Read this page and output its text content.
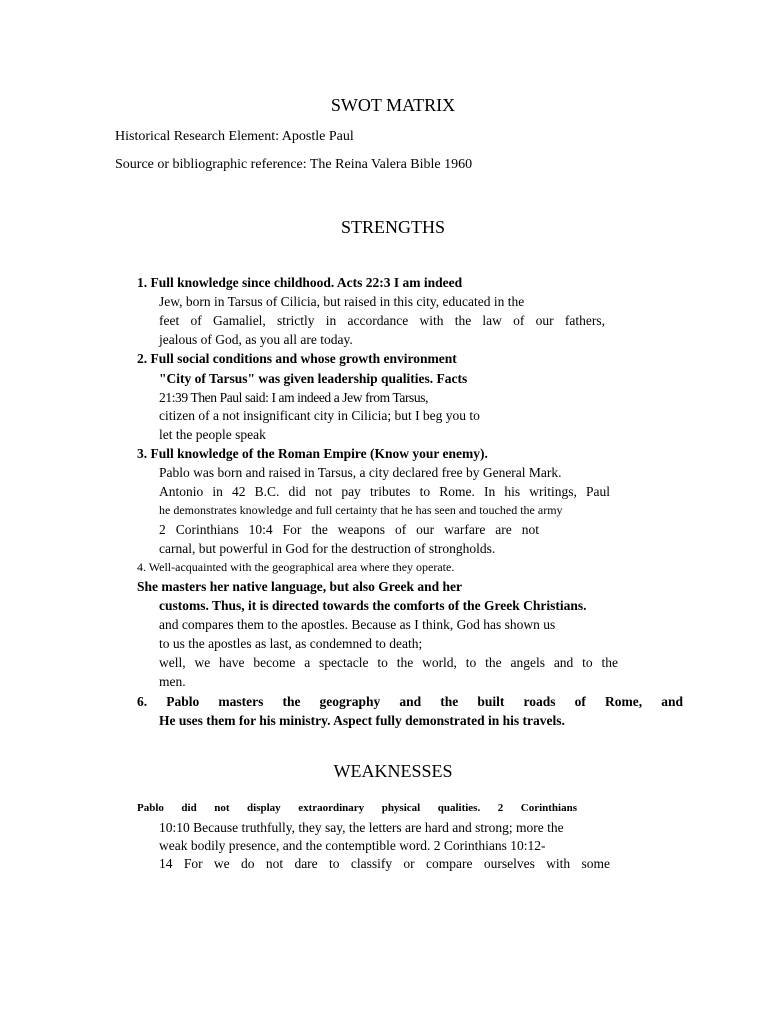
SWOT MATRIX
Historical Research Element: Apostle Paul
Source or bibliographic reference: The Reina Valera Bible 1960
STRENGTHS
1. Full knowledge since childhood. Acts 22:3 I am indeed
Jew, born in Tarsus of Cilicia, but raised in this city, educated in the
feet of Gamaliel, strictly in accordance with the law of our fathers,
jealous of God, as you all are today.
2. Full social conditions and whose growth environment
"City of Tarsus" was given leadership qualities. Facts
21:39 Then Paul said: I am indeed a Jew from Tarsus,
citizen of a not insignificant city in Cilicia; but I beg you to
let the people speak
3. Full knowledge of the Roman Empire (Know your enemy).
Pablo was born and raised in Tarsus, a city declared free by General Mark.
Antonio in 42 B.C. did not pay tributes to Rome. In his writings, Paul
he demonstrates knowledge and full certainty that he has seen and touched the army
2 Corinthians 10:4 For the weapons of our warfare are not
carnal, but powerful in God for the destruction of strongholds.
4. Well-acquainted with the geographical area where they operate.
She masters her native language, but also Greek and her
customs. Thus, it is directed towards the comforts of the Greek Christians.
and compares them to the apostles. Because as I think, God has shown us
to us the apostles as last, as condemned to death;
well, we have become a spectacle to the world, to the angels and to the
men.
6. Pablo masters the geography and the built roads of Rome, and
He uses them for his ministry. Aspect fully demonstrated in his travels.
WEAKNESSES
Pablo did not display extraordinary physical qualities. 2 Corinthians
10:10 Because truthfully, they say, the letters are hard and strong; more the
weak bodily presence, and the contemptible word. 2 Corinthians 10:12-
14 For we do not dare to classify or compare ourselves with some
